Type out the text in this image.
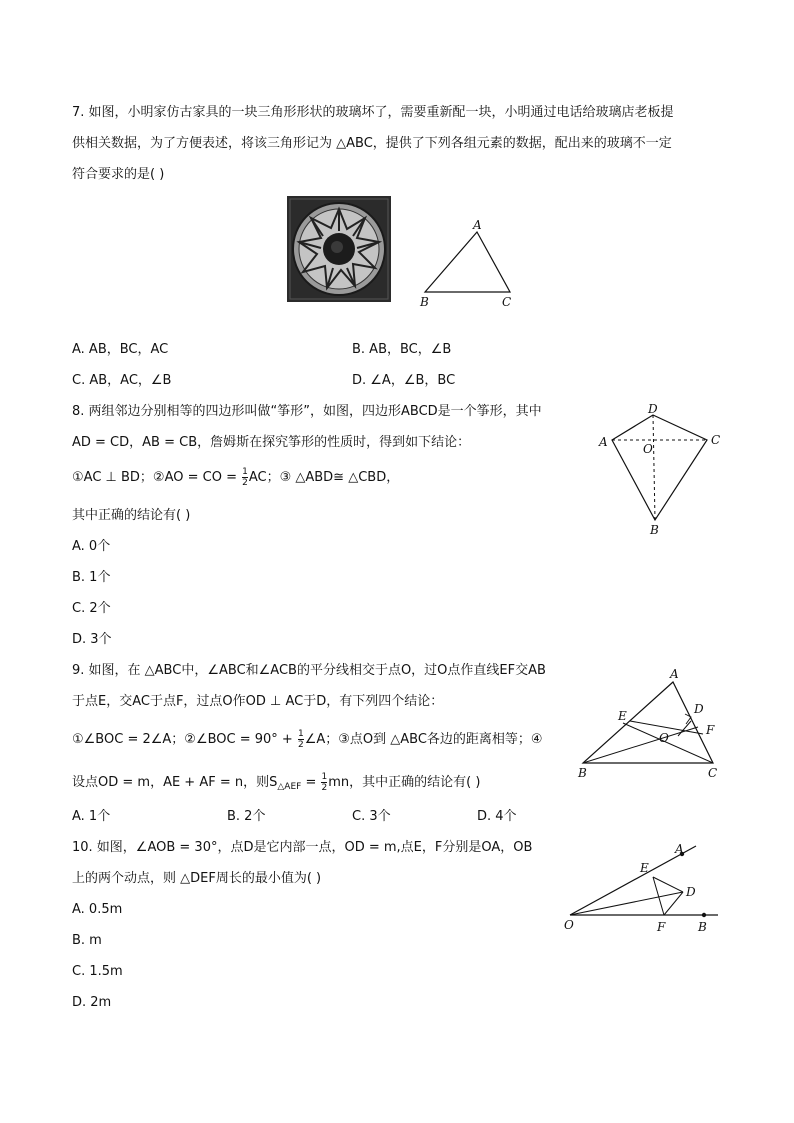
7. 如图，小明家仿古家具的一块三角形形状的玻璃坏了，需要重新配一块，小明通过电话给玻璃店老板提
供相关数据，为了方便表述，将该三角形记为 △ABC，提供了下列各组元素的数据，配出来的玻璃不一定
符合要求的是( )
A
B	C
A. AB，BC，AC	B. AB，BC，∠B
C. AB，AC，∠B	D. ∠A，∠B，BC
8. 两组邻边分别相等的四边形叫做“筝形”，如图，四边形ABCD是一个筝形，其中
AD = CD，AB = CB，詹姆斯在探究筝形的性质时，得到如下结论：
①AC ⊥ BD；②AO = CO = $\frac{1}{2}$ AC；③ △ABD≅ △CBD，
其中正确的结论有( )
A. 0个
B. 1个
C. 2个
D. 3个
D
A	C
O
B
9. 如图，在 △ABC中，∠ABC和∠ACB的平分线相交于点O，过O点作直线EF交AB
于点E，交AC于点F，过点O作OD ⊥ AC于D，有下列四个结论：
①∠BOC = 2∠A；②∠BOC = $90^\circ + \frac{1}{2}$ ∠A；③点O到 △ABC各边的距离相等；④
设点OD = m，AE + AF = n，则$S_{\triangle AEF} = \frac{1}{2}$ mn，其中正确的结论有( )
A. 1个	B. 2个	C. 3个	D. 4个
A
E	D
F
O
B	C
10. 如图，∠AOB = 30°，点D是它内部一点，OD = m,点E，F分别是OA，OB
上的两个动点，则 △DEF周长的最小值为( )
A. 0.5m
B. m
C. 1.5m
D. 2m
A
E
D
O	F	B
